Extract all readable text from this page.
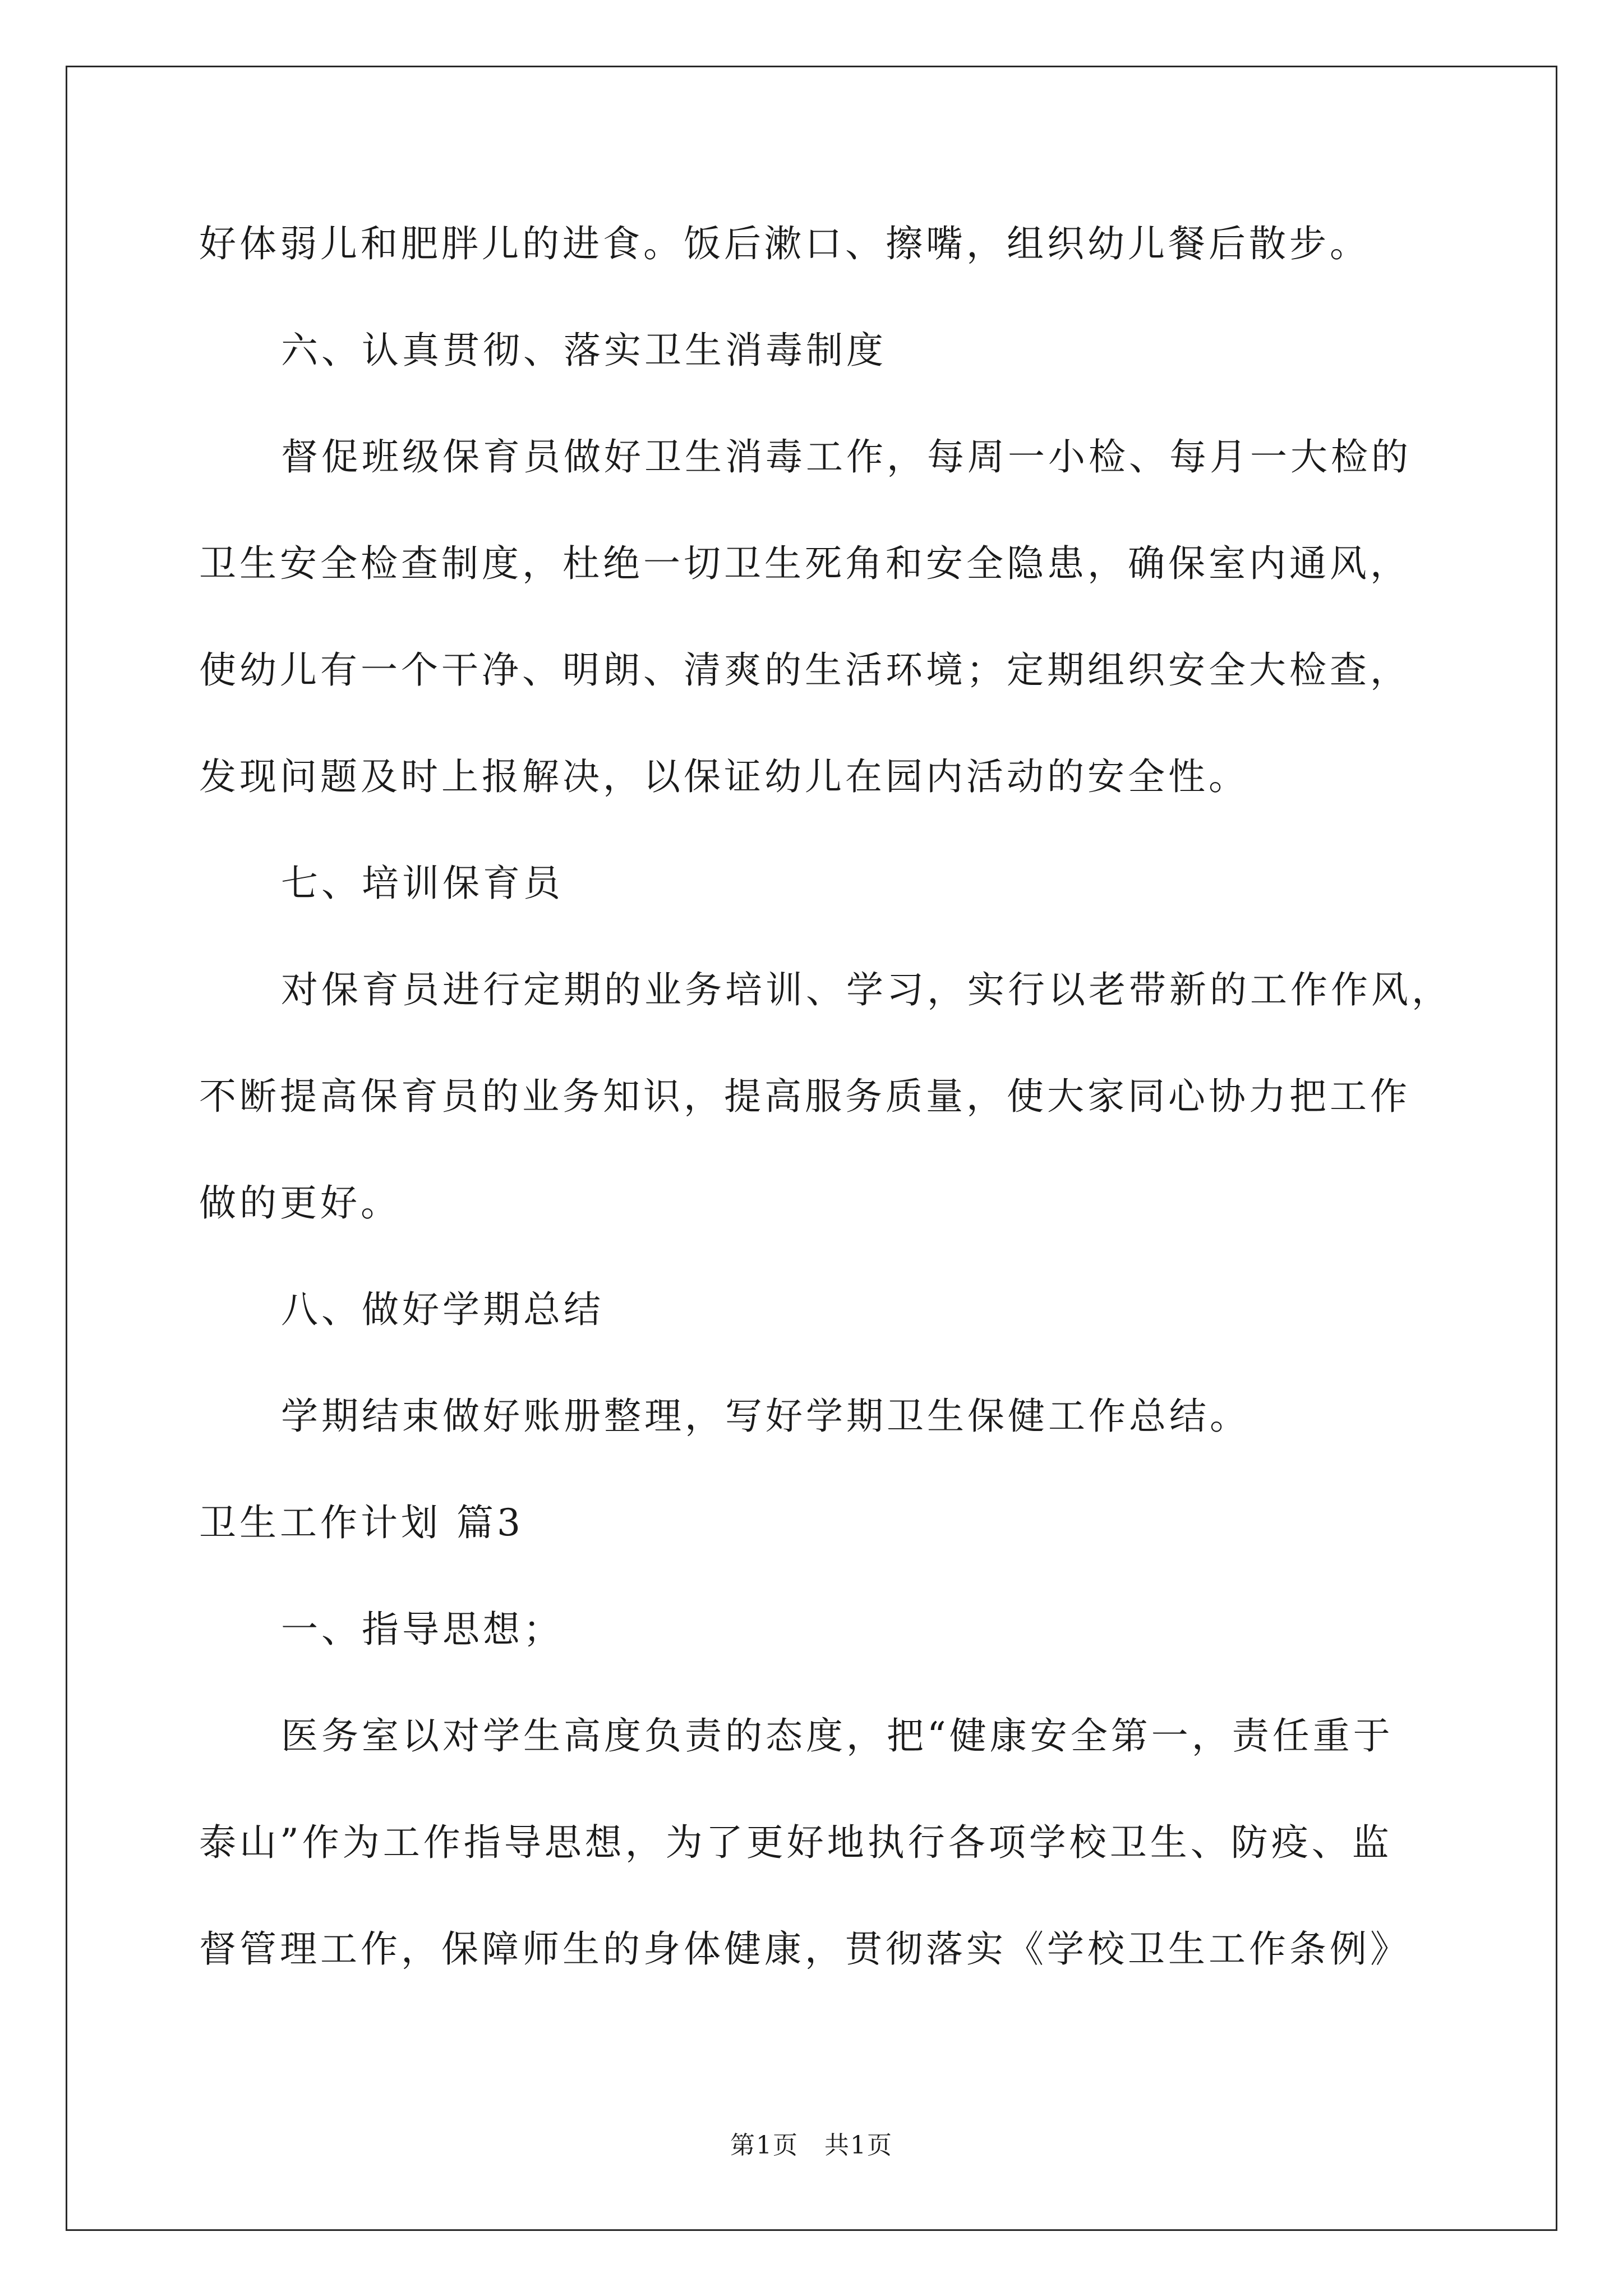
好体弱儿和肥胖儿的进食。饭后漱口、擦嘴，组织幼儿餐后散步。
六、认真贯彻、落实卫生消毒制度
督促班级保育员做好卫生消毒工作，每周一小检、每月一大检的
卫生安全检查制度，杜绝一切卫生死角和安全隐患，确保室内通风，
使幼儿有一个干净、明朗、清爽的生活环境；定期组织安全大检查，
发现问题及时上报解决，以保证幼儿在园内活动的安全性。
七、培训保育员
对保育员进行定期的业务培训、学习，实行以老带新的工作作风，
不断提高保育员的业务知识，提高服务质量，使大家同心协力把工作
做的更好。
八、做好学期总结
学期结束做好账册整理，写好学期卫生保健工作总结。
卫生工作计划 篇3
一、指导思想；
医务室以对学生高度负责的态度，把“健康安全第一，责任重于
泰山”作为工作指导思想，为了更好地执行各项学校卫生、防疫、监
督管理工作，保障师生的身体健康，贯彻落实《学校卫生工作条例》
第1页　共1页
